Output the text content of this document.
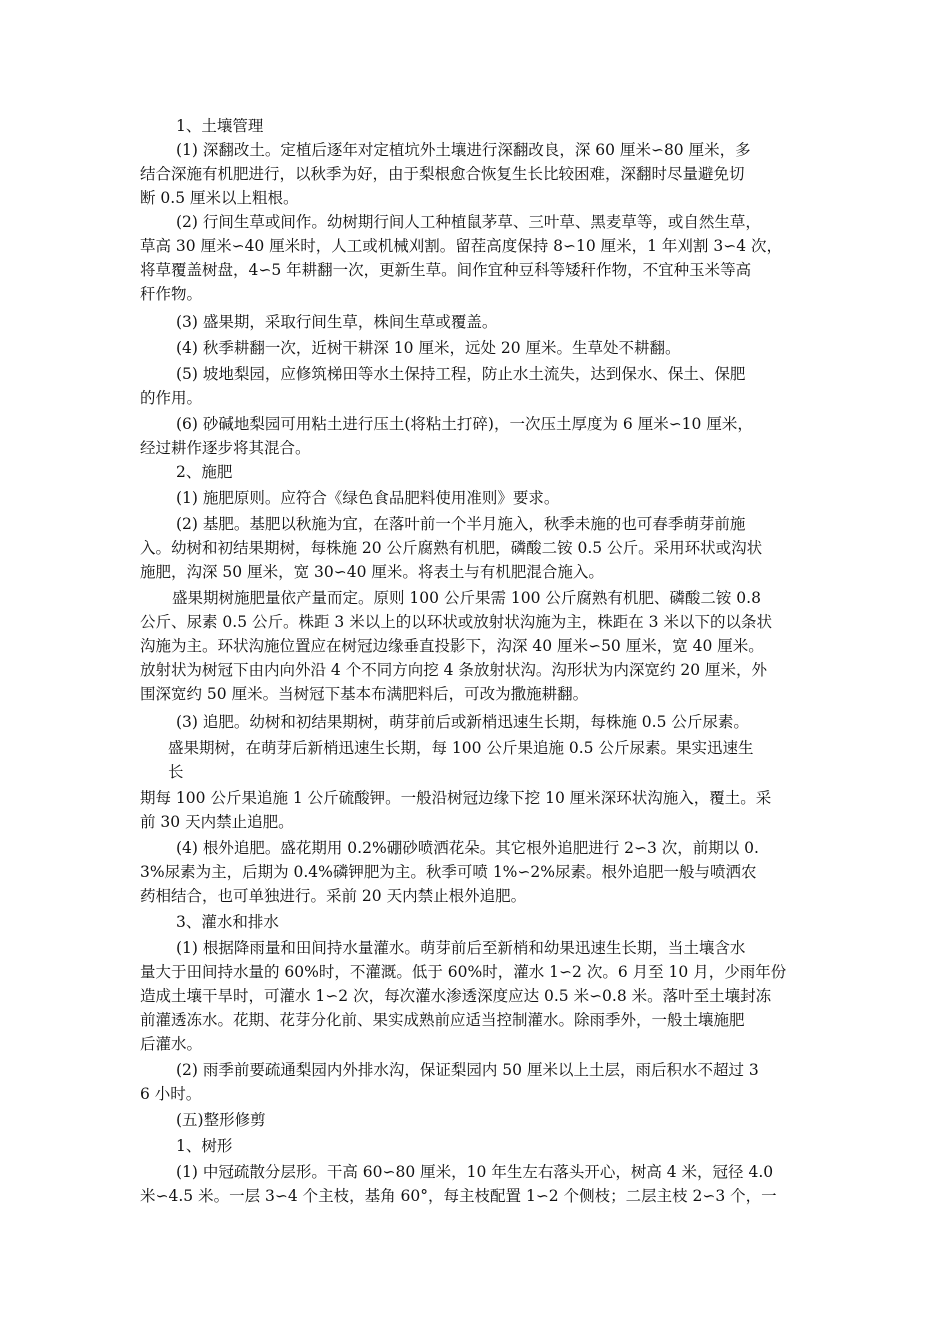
1、土壤管理
(1) 深翻改土。定植后逐年对定植坑外土壤进行深翻改良，深 60 厘米∽80 厘米，多
结合深施有机肥进行，以秋季为好，由于梨根愈合恢复生长比较困难，深翻时尽量避免切
断 0.5 厘米以上粗根。
(2) 行间生草或间作。幼树期行间人工种植鼠茅草、三叶草、黑麦草等，或自然生草，
草高 30 厘米∽40 厘米时，人工或机械刈割。留茬高度保持 8∽10 厘米，1 年刈割 3∽4 次，
将草覆盖树盘，4∽5 年耕翻一次，更新生草。间作宜种豆科等矮秆作物，不宜种玉米等高
秆作物。
(3) 盛果期，采取行间生草，株间生草或覆盖。
(4) 秋季耕翻一次，近树干耕深 10 厘米，远处 20 厘米。生草处不耕翻。
(5) 坡地梨园，应修筑梯田等水土保持工程，防止水土流失，达到保水、保土、保肥
的作用。
(6) 砂碱地梨园可用粘土进行压土(将粘土打碎)，一次压土厚度为 6 厘米∽10 厘米，
经过耕作逐步将其混合。
2、施肥
(1) 施肥原则。应符合《绿色食品肥料使用准则》要求。
(2) 基肥。基肥以秋施为宜，在落叶前一个半月施入，秋季未施的也可春季萌芽前施
入。幼树和初结果期树，每株施 20 公斤腐熟有机肥，磷酸二铵 0.5 公斤。采用环状或沟状
施肥，沟深 50 厘米，宽 30∽40 厘米。将表土与有机肥混合施入。
盛果期树施肥量依产量而定。原则 100 公斤果需 100 公斤腐熟有机肥、磷酸二铵 0.8
公斤、尿素 0.5 公斤。株距 3 米以上的以环状或放射状沟施为主，株距在 3 米以下的以条状
沟施为主。环状沟施位置应在树冠边缘垂直投影下，沟深 40 厘米∽50 厘米，宽 40 厘米。
放射状为树冠下由内向外沿 4 个不同方向挖 4 条放射状沟。沟形状为内深宽约 20 厘米，外
围深宽约 50 厘米。当树冠下基本布满肥料后，可改为撒施耕翻。
(3) 追肥。幼树和初结果期树，萌芽前后或新梢迅速生长期，每株施 0.5 公斤尿素。
盛果期树，在萌芽后新梢迅速生长期，每 100 公斤果追施 0.5 公斤尿素。果实迅速生
长
期每 100 公斤果追施 1 公斤硫酸钾。一般沿树冠边缘下挖 10 厘米深环状沟施入，覆土。采
前 30 天内禁止追肥。
(4) 根外追肥。盛花期用 0.2%硼砂喷洒花朵。其它根外追肥进行 2∽3 次，前期以 0.
3%尿素为主，后期为 0.4%磷钾肥为主。秋季可喷 1%∽2%尿素。根外追肥一般与喷洒农
药相结合，也可单独进行。采前 20 天内禁止根外追肥。
3、灌水和排水
(1) 根据降雨量和田间持水量灌水。萌芽前后至新梢和幼果迅速生长期，当土壤含水
量大于田间持水量的 60%时，不灌溉。低于 60%时，灌水 1∽2 次。6 月至 10 月，少雨年份
造成土壤干旱时，可灌水 1∽2 次，每次灌水渗透深度应达 0.5 米∽0.8 米。落叶至土壤封冻
前灌透冻水。花期、花芽分化前、果实成熟前应适当控制灌水。除雨季外，一般土壤施肥
后灌水。
(2) 雨季前要疏通梨园内外排水沟，保证梨园内 50 厘米以上土层，雨后积水不超过 3
6 小时。
(五)整形修剪
1、树形
(1) 中冠疏散分层形。干高 60∽80 厘米，10 年生左右落头开心，树高 4 米，冠径 4.0
米∽4.5 米。一层 3∽4 个主枝，基角 60°，每主枝配置 1∽2 个侧枝；二层主枝 2∽3 个，一
